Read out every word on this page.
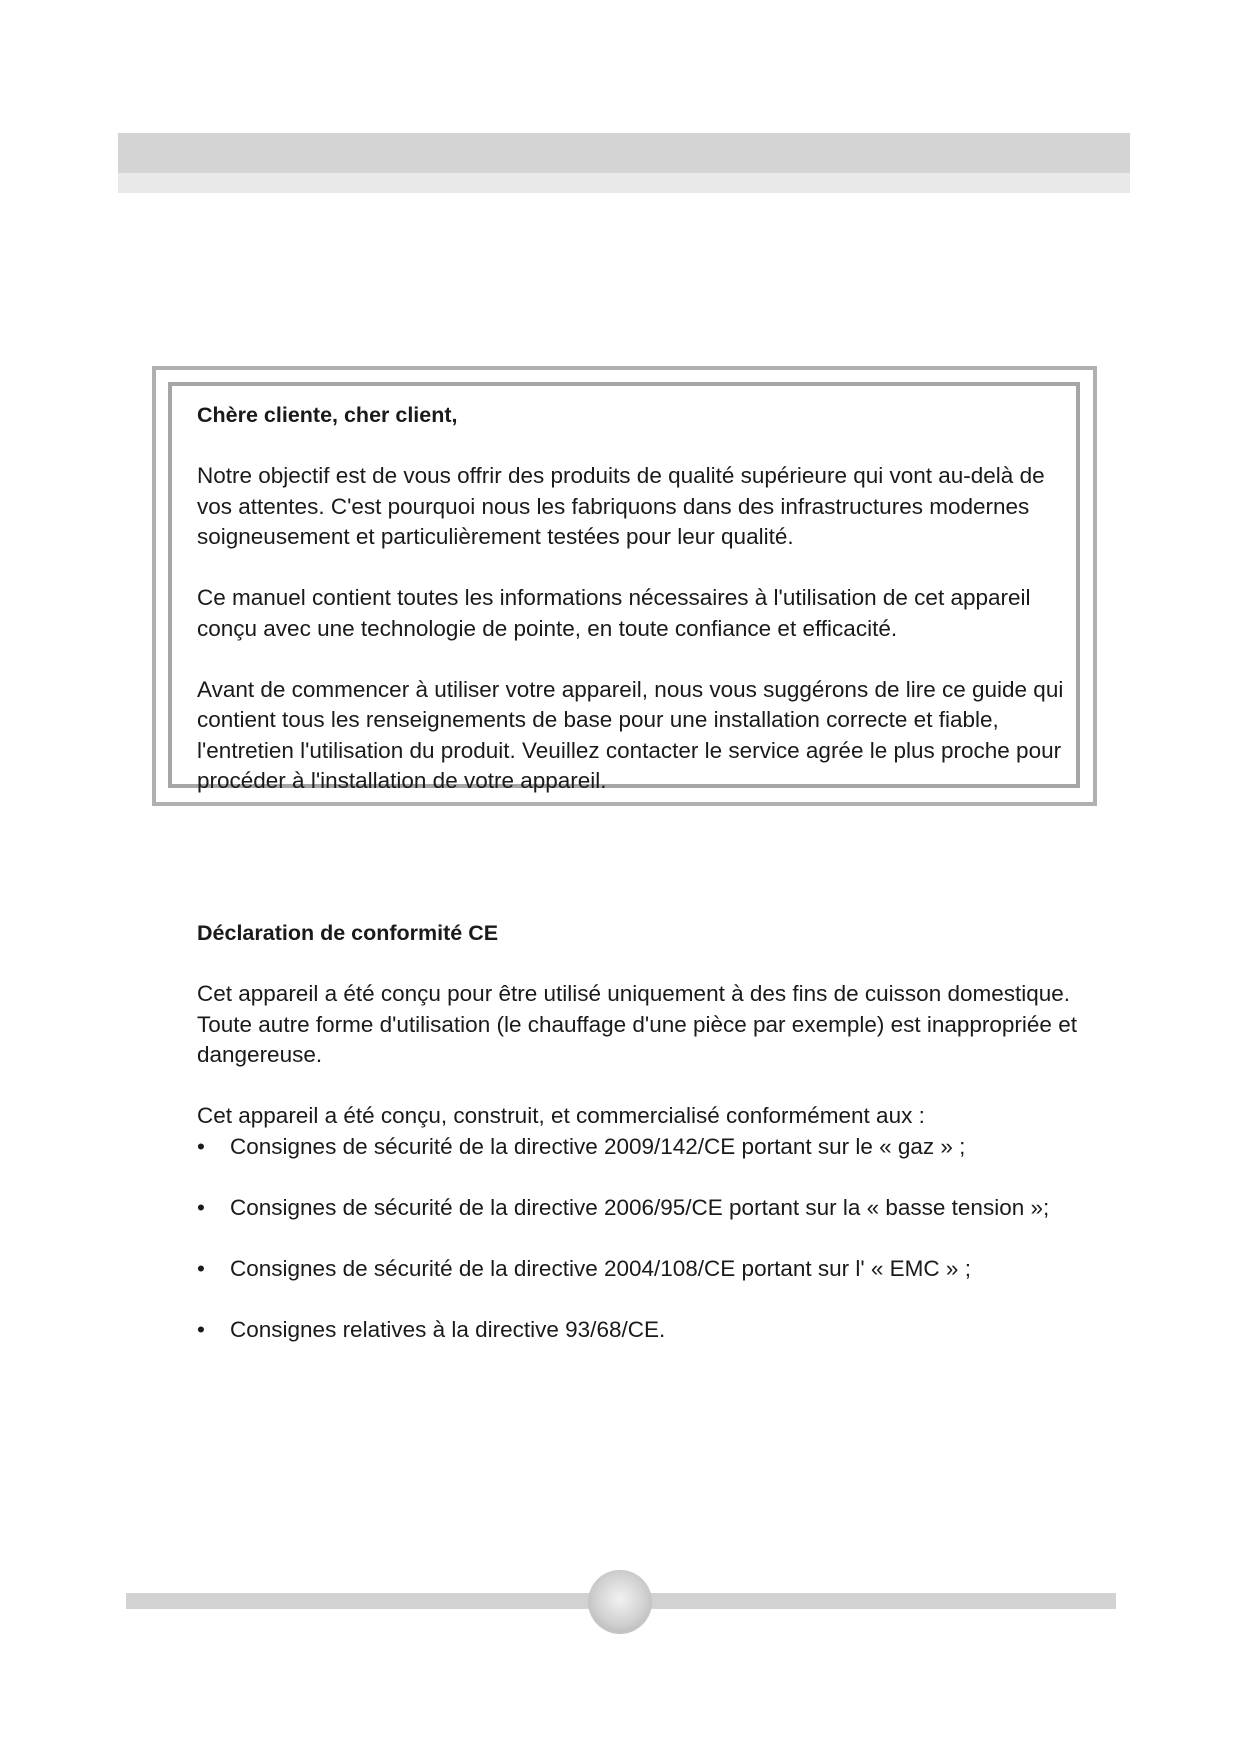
Chère cliente, cher client,

Notre objectif est de vous offrir des produits de qualité supérieure qui vont au-delà de vos attentes. C'est pourquoi nous les fabriquons dans des infrastructures modernes soigneusement et particulièrement testées pour leur qualité.

Ce manuel contient toutes les informations nécessaires à l'utilisation de cet appareil conçu avec une technologie de pointe, en toute confiance et efficacité.

Avant de commencer à utiliser votre appareil, nous vous suggérons de lire ce guide qui contient tous les renseignements de base pour une installation correcte et fiable, l'entretien l'utilisation du produit. Veuillez contacter le service agrée le plus proche pour procéder à l'installation de votre appareil.

Déclaration de conformité CE

Cet appareil a été conçu pour être utilisé uniquement à des fins de cuisson domestique. Toute autre forme d'utilisation (le chauffage d'une pièce par exemple) est inappropriée et dangereuse.

Cet appareil a été conçu, construit, et commercialisé conformément aux :

• Consignes de sécurité de la directive 2009/142/CE portant sur le « gaz » ;
• Consignes de sécurité de la directive 2006/95/CE portant sur la « basse tension »;
• Consignes de sécurité de la directive 2004/108/CE portant sur l' « EMC » ;
• Consignes relatives à la directive 93/68/CE.
